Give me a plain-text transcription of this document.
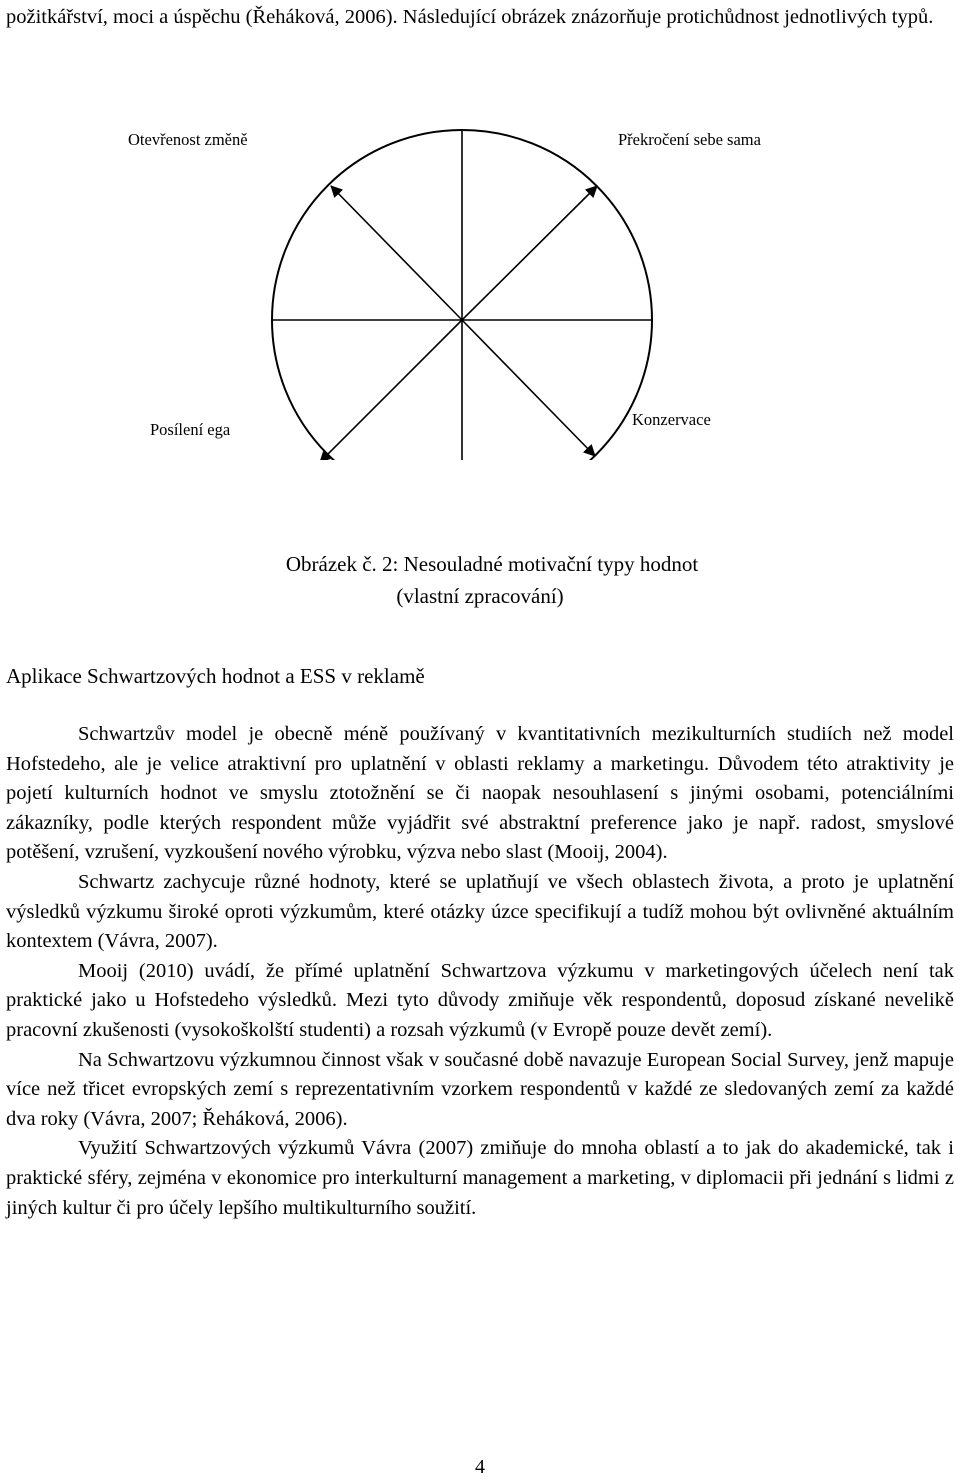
požitkářství, moci a úspěchu (Řeháková, 2006). Následující obrázek znázorňuje protichůdnost jednotlivých typů.

Otevřenost změně	Překročení sebe sama
Posílení ega
Konzervace
Obrázek č. 2: Nesouladné motivační typy hodnot
(vlastní zpracování)
Aplikace Schwartzových hodnot a ESS v reklamě

Schwartzův model je obecně méně používaný v kvantitativních mezikulturních studiích než model Hofstedeho, ale je velice atraktivní pro uplatnění v oblasti reklamy a marketingu. Důvodem této atraktivity je pojetí kulturních hodnot ve smyslu ztotožnění se či naopak nesouhlasení s jinými osobami, potenciálními zákazníky, podle kterých respondent může vyjádřit své abstraktní preference jako je např. radost, smyslové potěšení, vzrušení, vyzkoušení nového výrobku, výzva nebo slast (Mooij, 2004).

Schwartz zachycuje různé hodnoty, které se uplatňují ve všech oblastech života, a proto je uplatnění výsledků výzkumu široké oproti výzkumům, které otázky úzce specifikují a tudíž mohou být ovlivněné aktuálním kontextem (Vávra, 2007).

Mooij (2010) uvádí, že přímé uplatnění Schwartzova výzkumu v marketingových účelech není tak praktické jako u Hofstedeho výsledků. Mezi tyto důvody zmiňuje věk respondentů, doposud získané nevelikě pracovní zkušenosti (vysokoškolští studenti) a rozsah výzkumů (v Evropě pouze devět zemí).

Na Schwartzovu výzkumnou činnost však v současné době navazuje European Social Survey, jenž mapuje více než třicet evropských zemí s reprezentativním vzorkem respondentů v každé ze sledovaných zemí za každé dva roky (Vávra, 2007; Řeháková, 2006).

Využití Schwartzových výzkumů Vávra (2007) zmiňuje do mnoha oblastí a to jak do akademické, tak i praktické sféry, zejména v ekonomice pro interkulturní management a marketing, v diplomacii při jednání s lidmi z jiných kultur či pro účely lepšího multikulturního soužití.

4
